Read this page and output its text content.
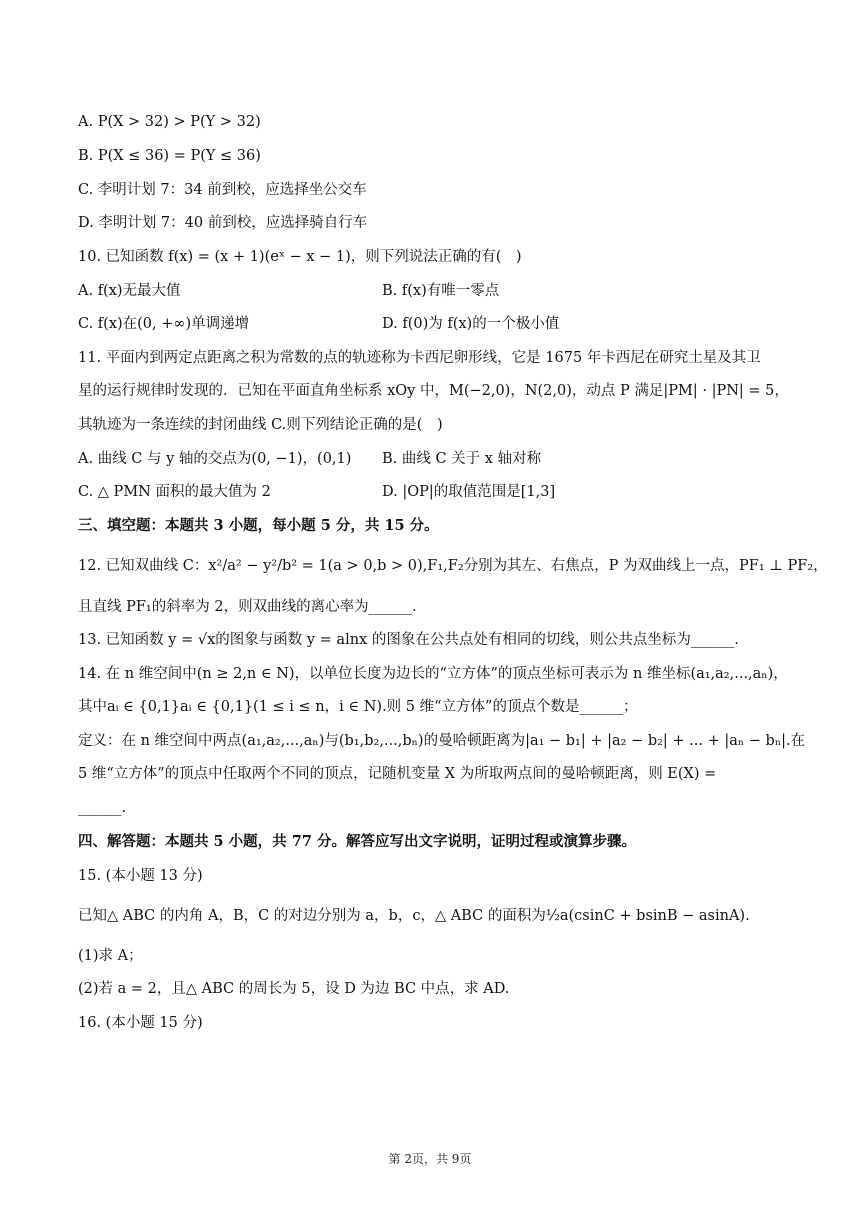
A. P(X > 32) > P(Y > 32)
B. P(X ≤ 36) = P(Y ≤ 36)
C. 李明计划 7：34 前到校，应选择坐公交车
D. 李明计划 7：40 前到校，应选择骑自行车
10. 已知函数 f(x) = (x + 1)(eˣ − x − 1)，则下列说法正确的有(　)
A. f(x)无最大值	B. f(x)有唯一零点
C. f(x)在(0, +∞)单调递增	D. f(0)为 f(x)的一个极小值
11. 平面内到两定点距离之积为常数的点的轨迹称为卡西尼卵形线，它是 1675 年卡西尼在研究土星及其卫
星的运行规律时发现的．已知在平面直角坐标系 xOy 中，M(−2,0)，N(2,0)，动点 P 满足|PM| · |PN| = 5，
其轨迹为一条连续的封闭曲线 C.则下列结论正确的是(　)
A. 曲线 C 与 y 轴的交点为(0, −1)，(0,1) B. 曲线 C 关于 x 轴对称
C. △ PMN 面积的最大值为 2	D. |OP|的取值范围是[1,3]
三、填空题：本题共 3 小题，每小题 5 分，共 15 分。
12. 已知双曲线 C：x²/a² − y²/b² = 1(a > 0,b > 0),F₁,F₂分别为其左、右焦点，P 为双曲线上一点，PF₁ ⊥ PF₂，
且直线 PF₁的斜率为 2，则双曲线的离心率为______．
13. 已知函数 y = √x的图象与函数 y = alnx 的图象在公共点处有相同的切线，则公共点坐标为______．
14. 在 n 维空间中(n ≥ 2,n ∈ N)，以单位长度为边长的“立方体”的顶点坐标可表示为 n 维坐标(a₁,a₂,...,aₙ)，
其中aᵢ ∈ {0,1}aᵢ ∈ {0,1}(1 ≤ i ≤ n，i ∈ N).则 5 维“立方体”的顶点个数是______；
定义：在 n 维空间中两点(a₁,a₂,...,aₙ)与(b₁,b₂,...,bₙ)的曼哈顿距离为|a₁ − b₁| + |a₂ − b₂| + ... + |aₙ − bₙ|.在
5 维“立方体”的顶点中任取两个不同的顶点，记随机变量 X 为所取两点间的曼哈顿距离，则 E(X) =
______.
四、解答题：本题共 5 小题，共 77 分。解答应写出文字说明，证明过程或演算步骤。
15. (本小题 13 分)
已知△ ABC 的内角 A，B，C 的对边分别为 a，b，c，△ ABC 的面积为½a(csinC + bsinB − asinA).
(1)求 A；
(2)若 a = 2，且△ ABC 的周长为 5，设 D 为边 BC 中点，求 AD.
16. (本小题 15 分)
第 2页，共 9页
